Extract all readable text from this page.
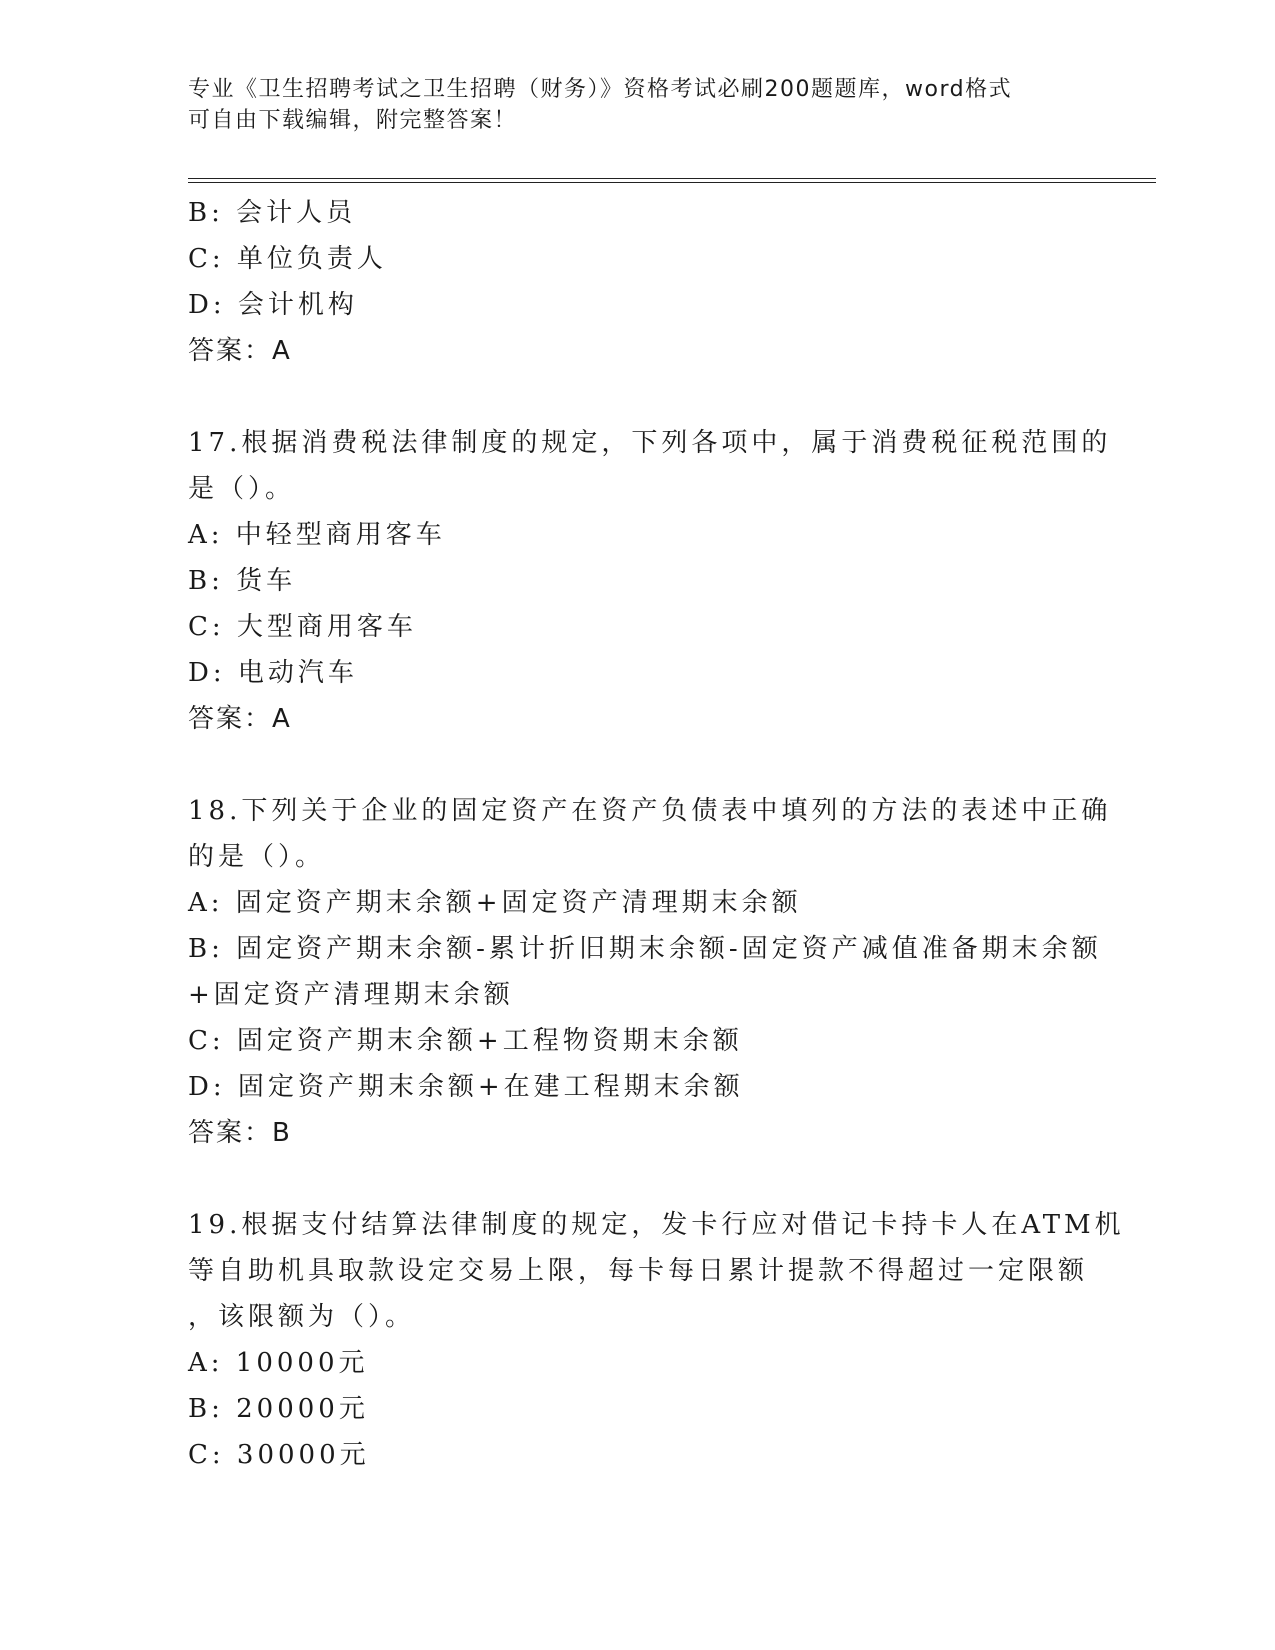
专业《卫生招聘考试之卫生招聘（财务）》资格考试必刷200题题库，word格式
可自由下载编辑，附完整答案！
B: 会计人员
C: 单位负责人
D: 会计机构
答案：A
17.根据消费税法律制度的规定，下列各项中，属于消费税征税范围的
是（）。
A: 中轻型商用客车
B: 货车
C: 大型商用客车
D: 电动汽车
答案：A
18.下列关于企业的固定资产在资产负债表中填列的方法的表述中正确
的是（）。
A: 固定资产期末余额+固定资产清理期末余额
B: 固定资产期末余额-累计折旧期末余额-固定资产减值准备期末余额
+固定资产清理期末余额
C: 固定资产期末余额+工程物资期末余额
D: 固定资产期末余额+在建工程期末余额
答案：B
19.根据支付结算法律制度的规定，发卡行应对借记卡持卡人在ATM机
等自助机具取款设定交易上限，每卡每日累计提款不得超过一定限额
，该限额为（）。
A: 10000元
B: 20000元
C: 30000元
